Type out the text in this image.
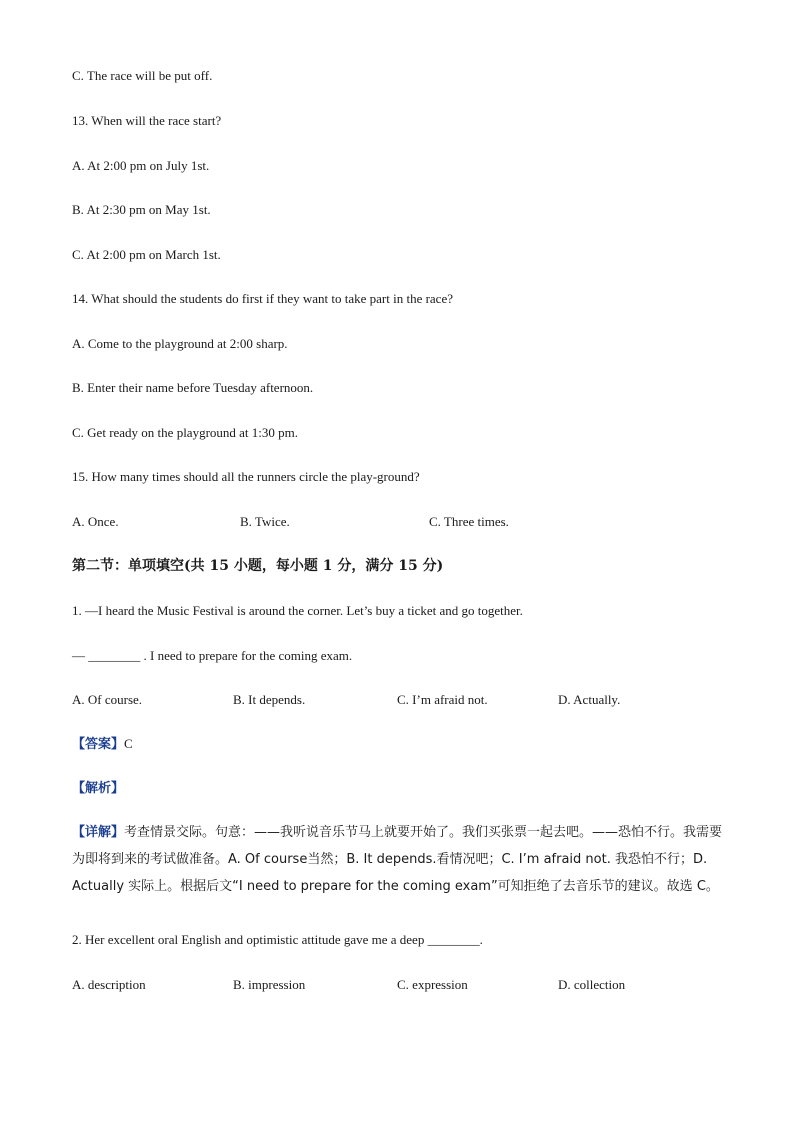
C. The race will be put off.
13. When will the race start?
A. At 2:00 pm on July 1st.
B. At 2:30 pm on May 1st.
C. At 2:00 pm on March 1st.
14. What should the students do first if they want to take part in the race?
A. Come to the playground at 2:00 sharp.
B. Enter their name before Tuesday afternoon.
C. Get ready on the playground at 1:30 pm.
15. How many times should all the runners circle the play-ground?
A. Once.	B. Twice.	C. Three times.
第二节：单项填空(共 15 小题，每小题 1 分，满分 15 分)
1. —I heard the Music Festival is around the corner. Let’s buy a ticket and go together.
— ________ . I need to prepare for the coming exam.
A. Of course.	B. It depends.	C. I’m afraid not.	D. Actually.
【答案】C
【解析】
【详解】考查情景交际。句意：——我听说音乐节马上就要开始了。我们买张票一起去吧。——恐怕不行。我需要为即将到来的考试做准备。A. Of course当然；B. It depends.看情况吧；C. I’m afraid not. 我恐怕不行；D. Actually 实际上。根据后文“I need to prepare for the coming exam”可知拒绝了去音乐节的建议。故选 C。
2. Her excellent oral English and optimistic attitude gave me a deep ________.
A. description	B. impression	C. expression	D. collection
